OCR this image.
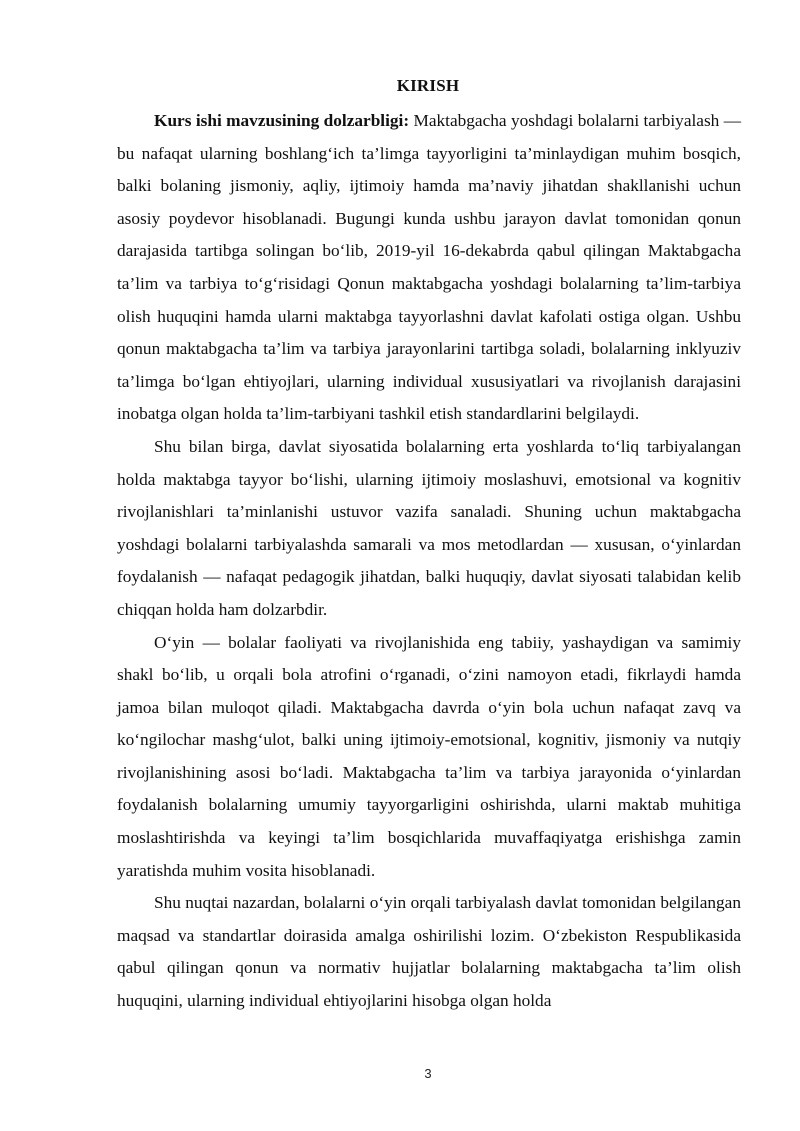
KIRISH

Kurs ishi mavzusining dolzarbligi: Maktabgacha yoshdagi bolalarni tarbiyalash — bu nafaqat ularning boshlang‘ich ta’limga tayyorligini ta’minlaydigan muhim bosqich, balki bolaning jismoniy, aqliy, ijtimoiy hamda ma’naviy jihatdan shakllanishi uchun asosiy poydevor hisoblanadi. Bugungi kunda ushbu jarayon davlat tomonidan qonun darajasida tartibga solingan bo‘lib, 2019-yil 16-dekabrda qabul qilingan Maktabgacha ta’lim va tarbiya to‘g‘risidagi Qonun maktabgacha yoshdagi bolalarning ta’lim-tarbiya olish huquqini hamda ularni maktabga tayyorlashni davlat kafolati ostiga olgan. Ushbu qonun maktabgacha ta’lim va tarbiya jarayonlarini tartibga soladi, bolalarning inklyuziv ta’limga bo‘lgan ehtiyojlari, ularning individual xususiyatlari va rivojlanish darajasini inobatga olgan holda ta’lim-tarbiyani tashkil etish standardlarini belgilaydi.

Shu bilan birga, davlat siyosatida bolalarning erta yoshlarda to‘liq tarbiyalangan holda maktabga tayyor bo‘lishi, ularning ijtimoiy moslashuvi, emotsional va kognitiv rivojlanishlari ta’minlanishi ustuvor vazifa sanaladi. Shuning uchun maktabgacha yoshdagi bolalarni tarbiyalashda samarali va mos metodlardan — xususan, o‘yinlardan foydalanish — nafaqat pedagogik jihatdan, balki huquqiy, davlat siyosati talabidan kelib chiqqan holda ham dolzarbdir.

O‘yin — bolalar faoliyati va rivojlanishida eng tabiiy, yashaydigan va samimiy shakl bo‘lib, u orqali bola atrofini o‘rganadi, o‘zini namoyon etadi, fikrlaydi hamda jamoa bilan muloqot qiladi. Maktabgacha davrda o‘yin bola uchun nafaqat zavq va ko‘ngilochar mashg‘ulot, balki uning ijtimoiy-emotsional, kognitiv, jismoniy va nutqiy rivojlanishining asosi bo‘ladi. Maktabgacha ta’lim va tarbiya jarayonida o‘yinlardan foydalanish bolalarning umumiy tayyorgarligini oshirishda, ularni maktab muhitiga moslashtirishda va keyingi ta’lim bosqichlarida muvaffaqiyatga erishishga zamin yaratishda muhim vosita hisoblanadi.

Shu nuqtai nazardan, bolalarni o‘yin orqali tarbiyalash davlat tomonidan belgilangan maqsad va standartlar doirasida amalga oshirilishi lozim. O‘zbekiston Respublikasida qabul qilingan qonun va normativ hujjatlar bolalarning maktabgacha ta’lim olish huquqini, ularning individual ehtiyojlarini hisobga olgan holda

3
